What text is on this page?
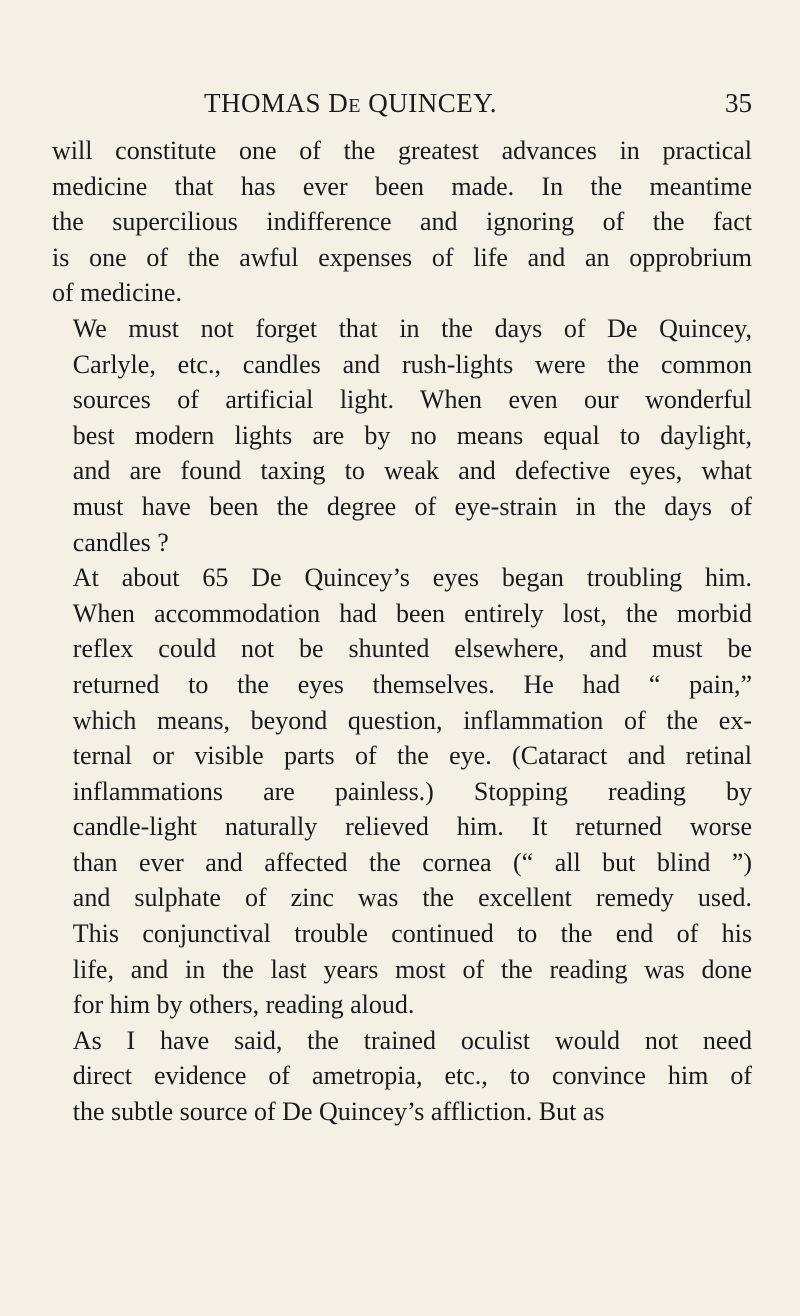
THOMAS DE QUINCEY.	35

will constitute one of the greatest advances in practical
medicine that has ever been made. In the meantime
the supercilious indifference and ignoring of the fact
is one of the awful expenses of life and an opprobrium
of medicine.

We must not forget that in the days of De Quincey,
Carlyle, etc., candles and rush-lights were the common
sources of artificial light. When even our wonderful
best modern lights are by no means equal to daylight,
and are found taxing to weak and defective eyes, what
must have been the degree of eye-strain in the days of
candles ?

At about 65 De Quincey’s eyes began troubling him.
When accommodation had been entirely lost, the morbid
reflex could not be shunted elsewhere, and must be
returned to the eyes themselves. He had “ pain,”
which means, beyond question, inflammation of the ex-
ternal or visible parts of the eye. (Cataract and retinal
inflammations are painless.) Stopping reading by
candle-light naturally relieved him. It returned worse
than ever and affected the cornea (“ all but blind ”)
and sulphate of zinc was the excellent remedy used.
This conjunctival trouble continued to the end of his
life, and in the last years most of the reading was done
for him by others, reading aloud.

As I have said, the trained oculist would not need
direct evidence of ametropia, etc., to convince him of
the subtle source of De Quincey’s affliction. But as
